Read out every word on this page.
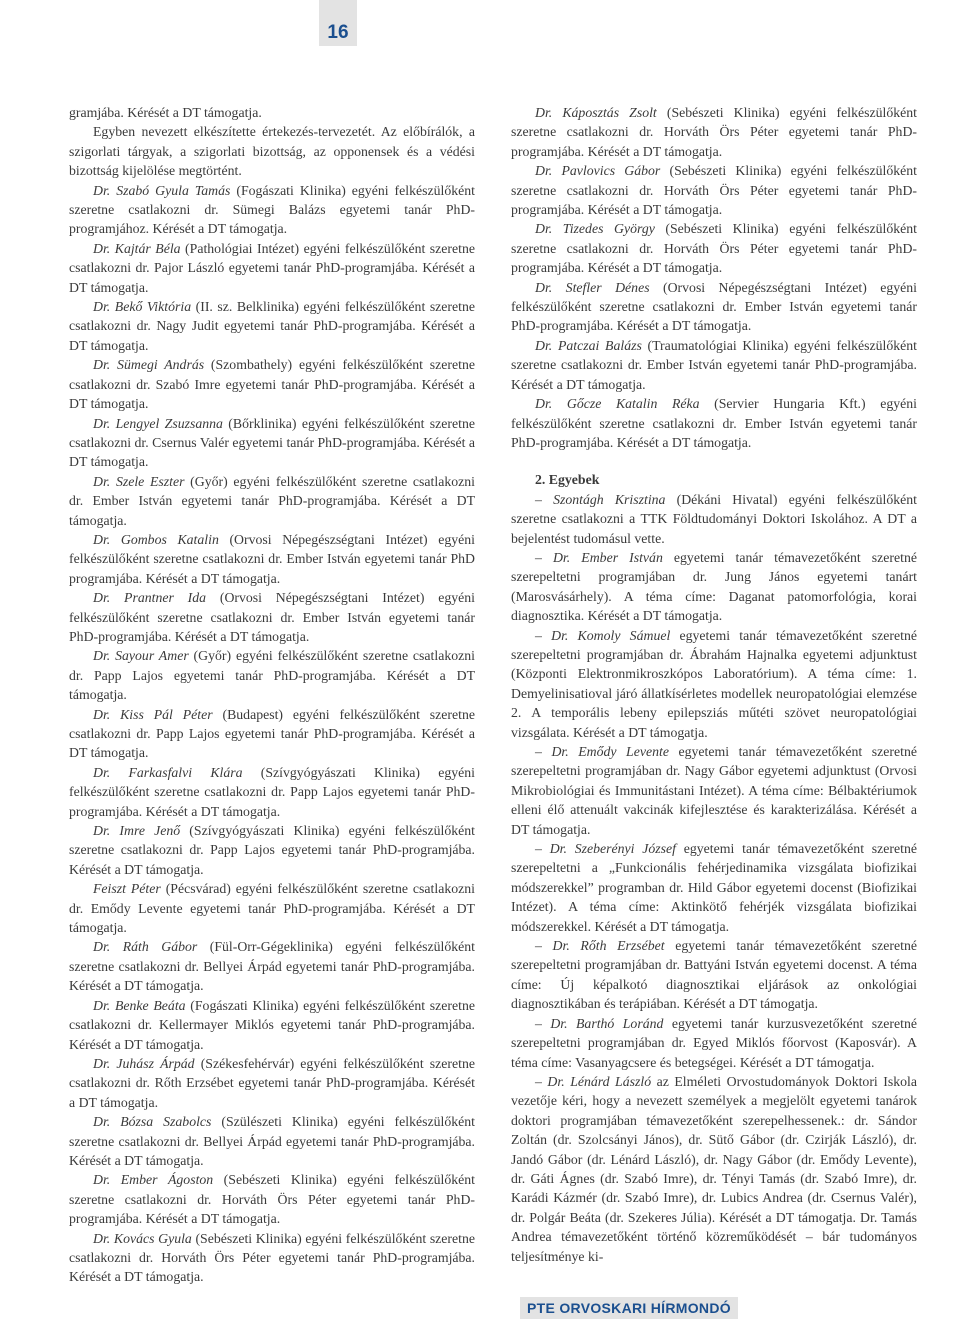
16

gramjába. Kérését a DT támogatja.

Egyben nevezett elkészítette értekezés-tervezetét. Az előbírálók, a szigorlati tárgyak, a szigorlati bizottság, az opponensek és a védési bizottság kijelölése megtörtént.

Dr. Szabó Gyula Tamás (Fogászati Klinika) egyéni felkészülőként szeretne csatlakozni dr. Sümegi Balázs egyetemi tanár PhD-programjához. Kérését a DT támogatja.

Dr. Kajtár Béla (Pathológiai Intézet) egyéni felkészülőként szeretne csatlakozni dr. Pajor László egyetemi tanár PhD-programjába. Kérését a DT támogatja.

Dr. Bekő Viktória (II. sz. Belklinika) egyéni felkészülőként szeretne csatlakozni dr. Nagy Judit egyetemi tanár PhD-programjába. Kérését a DT támogatja.

Dr. Sümegi András (Szombathely) egyéni felkészülőként szeretne csatlakozni dr. Szabó Imre egyetemi tanár PhD-programjába. Kérését a DT támogatja.

Dr. Lengyel Zsuzsanna (Bőrklinika) egyéni felkészülőként szeretne csatlakozni dr. Csernus Valér egyetemi tanár PhD-programjába. Kérését a DT támogatja.

Dr. Szele Eszter (Győr) egyéni felkészülőként szeretne csatlakozni dr. Ember István egyetemi tanár PhD-programjába. Kérését a DT támogatja.

Dr. Gombos Katalin (Orvosi Népegészségtani Intézet) egyéni felkészülőként szeretne csatlakozni dr. Ember István egyetemi tanár PhD programjába. Kérését a DT támogatja.

Dr. Prantner Ida (Orvosi Népegészségtani Intézet) egyéni felkészülőként szeretne csatlakozni dr. Ember István egyetemi tanár PhD-programjába. Kérését a DT támogatja.

Dr. Sayour Amer (Győr) egyéni felkészülőként szeretne csatlakozni dr. Papp Lajos egyetemi tanár PhD-programjába. Kérését a DT támogatja.

Dr. Kiss Pál Péter (Budapest) egyéni felkészülőként szeretne csatlakozni dr. Papp Lajos egyetemi tanár PhD-programjába. Kérését a DT támogatja.

Dr. Farkasfalvi Klára (Szívgyógyászati Klinika) egyéni felkészülőként szeretne csatlakozni dr. Papp Lajos egyetemi tanár PhD-programjába. Kérését a DT támogatja.

Dr. Imre Jenő (Szívgyógyászati Klinika) egyéni felkészülőként szeretne csatlakozni dr. Papp Lajos egyetemi tanár PhD-programjába. Kérését a DT támogatja.

Feiszt Péter (Pécsvárad) egyéni felkészülőként szeretne csatlakozni dr. Emődy Levente egyetemi tanár PhD-programjába. Kérését a DT támogatja.

Dr. Ráth Gábor (Fül-Orr-Gégeklinika) egyéni felkészülőként szeretne csatlakozni dr. Bellyei Árpád egyetemi tanár PhD-programjába. Kérését a DT támogatja.

Dr. Benke Beáta (Fogászati Klinika) egyéni felkészülőként szeretne csatlakozni dr. Kellermayer Miklós egyetemi tanár PhD-programjába. Kérését a DT támogatja.

Dr. Juhász Árpád (Székesfehérvár) egyéni felkészülőként szeretne csatlakozni dr. Rőth Erzsébet egyetemi tanár PhD-programjába. Kérését a DT támogatja.

Dr. Bózsa Szabolcs (Szülészeti Klinika) egyéni felkészülőként szeretne csatlakozni dr. Bellyei Árpád egyetemi tanár PhD-programjába. Kérését a DT támogatja.

Dr. Ember Ágoston (Sebészeti Klinika) egyéni felkészülőként szeretne csatlakozni dr. Horváth Örs Péter egyetemi tanár PhD-programjába. Kérését a DT támogatja.

Dr. Kovács Gyula (Sebészeti Klinika) egyéni felkészülőként szeretne csatlakozni dr. Horváth Örs Péter egyetemi tanár PhD-programjába. Kérését a DT támogatja.

Dr. Káposztás Zsolt (Sebészeti Klinika) egyéni felkészülőként szeretne csatlakozni dr. Horváth Örs Péter egyetemi tanár PhD-programjába. Kérését a DT támogatja.

Dr. Pavlovics Gábor (Sebészeti Klinika) egyéni felkészülőként szeretne csatlakozni dr. Horváth Örs Péter egyetemi tanár PhD-programjába. Kérését a DT támogatja.

Dr. Tizedes György (Sebészeti Klinika) egyéni felkészülőként szeretne csatlakozni dr. Horváth Örs Péter egyetemi tanár PhD-programjába. Kérését a DT támogatja.

Dr. Stefler Dénes (Orvosi Népegészségtani Intézet) egyéni felkészülőként szeretne csatlakozni dr. Ember István egyetemi tanár PhD-programjába. Kérését a DT támogatja.

Dr. Patczai Balázs (Traumatológiai Klinika) egyéni felkészülőként szeretne csatlakozni dr. Ember István egyetemi tanár PhD-programjába. Kérését a DT támogatja.

Dr. Gőcze Katalin Réka (Servier Hungaria Kft.) egyéni felkészülőként szeretne csatlakozni dr. Ember István egyetemi tanár PhD-programjába. Kérését a DT támogatja.

2. Egyebek

– Szontágh Krisztina (Dékáni Hivatal) egyéni felkészülőként szeretne csatlakozni a TTK Földtudományi Doktori Iskolához. A DT a bejelentést tudomásul vette.

– Dr. Ember István egyetemi tanár témavezetőként szeretné szerepeltetni programjában dr. Jung János egyetemi tanárt (Marosvásárhely). A téma címe: Daganat patomorfológia, korai diagnosztika. Kérését a DT támogatja.

– Dr. Komoly Sámuel egyetemi tanár témavezetőként szeretné szerepeltetni programjában dr. Ábrahám Hajnalka egyetemi adjunktust (Központi Elektronmikroszkópos Laboratórium). A téma címe: 1. Demyelinisatioval járó állatkísérletes modellek neuropatológiai elemzése 2. A temporális lebeny epilepsziás műtéti szövet neuropatológiai vizsgálata. Kérését a DT támogatja.

– Dr. Emődy Levente egyetemi tanár témavezetőként szeretné szerepeltetni programjában dr. Nagy Gábor egyetemi adjunktust (Orvosi Mikrobiológiai és Immunitástani Intézet). A téma címe: Bélbaktériumok elleni élő attenuált vakcinák kifejlesztése és karakterizálása. Kérését a DT támogatja.

– Dr. Szeberényi József egyetemi tanár témavezetőként szeretné szerepeltetni a „Funkcionális fehérjedinamika vizsgálata biofizikai módszerekkel” programban dr. Hild Gábor egyetemi docenst (Biofizikai Intézet). A téma címe: Aktinkötő fehérjék vizsgálata biofizikai módszerekkel. Kérését a DT támogatja.

– Dr. Rőth Erzsébet egyetemi tanár témavezetőként szeretné szerepeltetni programjában dr. Battyáni István egyetemi docenst. A téma címe: Új képalkotó diagnosztikai eljárások az onkológiai diagnosztikában és terápiában. Kérését a DT támogatja.

– Dr. Barthó Loránd egyetemi tanár kurzusvezetőként szeretné szerepeltetni programjában dr. Egyed Miklós főorvost (Kaposvár). A téma címe: Vasanyagcsere és betegségei. Kérését a DT támogatja.

– Dr. Lénárd László az Elméleti Orvostudományok Doktori Iskola vezetője kéri, hogy a nevezett személyek a megjelölt egyetemi tanárok doktori programjában témavezetőként szerepelhessenek.: dr. Sándor Zoltán (dr. Szolcsányi János), dr. Sütő Gábor (dr. Czirják László), dr. Jandó Gábor (dr. Lénárd László), dr. Nagy Gábor (dr. Emődy Levente), dr. Gáti Ágnes (dr. Szabó Imre), dr. Tényi Tamás (dr. Szabó Imre), dr. Karádi Kázmér (dr. Szabó Imre), dr. Lubics Andrea (dr. Csernus Valér), dr. Polgár Beáta (dr. Szekeres Júlia). Kérését a DT támogatja. Dr. Tamás Andrea témavezetőként történő közreműködését – bár tudományos teljesítménye ki-

PTE ORVOSKARI HÍRMONDÓ
